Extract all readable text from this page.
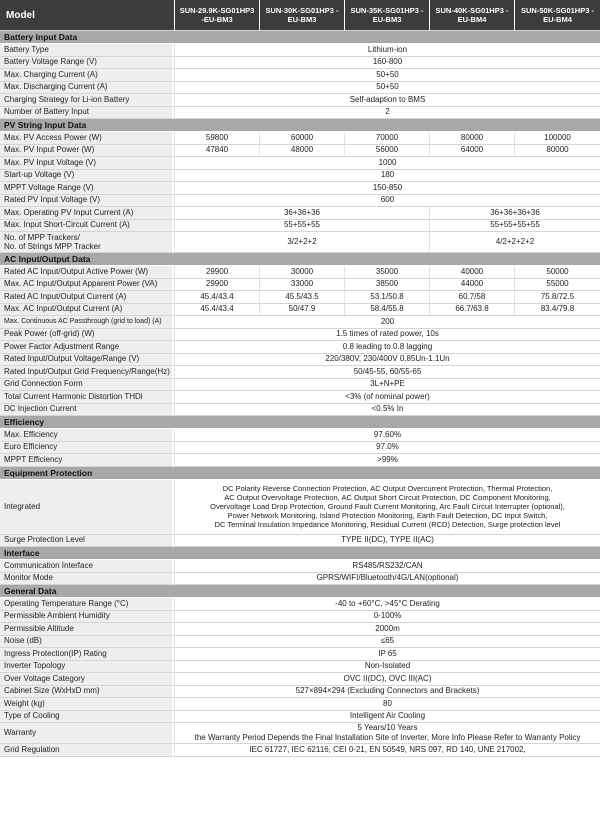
Model	SUN-29.9K-SG01HP3 -EU-BM3	SUN-30K-SG01HP3 -EU-BM3	SUN-35K-SG01HP3 -EU-BM3	SUN-40K-SG01HP3 -EU-BM4	SUN-50K-SG01HP3 -EU-BM4
Battery Input Data					
Battery Type	Lithium-ion				
Battery Voltage Range (V)	160-800				
Max. Charging Current (A)	50+50				
Max. Discharging Current (A)	50+50				
Charging Strategy for Li-ion Battery	Self-adaption to BMS				
Number of Battery Input	2				
PV String Input Data					
Max. PV Access Power (W)	59800	60000	70000	80000	100000
Max. PV Input Power (W)	47840	48000	56000	64000	80000
Max. PV Input Voltage (V)	1000				
Start-up Voltage (V)	180				
MPPT Voltage Range (V)	150-850				
Rated PV Input Voltage (V)	600				
Max. Operating PV Input Current (A)	36+36+36			36+36+36+36	
Max. Input Short-Circuit Current (A)	55+55+55			55+55+55+55	
No. of MPP Trackers/
No. of Strings MPP Tracker	3/2+2+2			4/2+2+2+2	
AC Input/Output Data					
Rated AC Input/Output Active Power (W)	29900	30000	35000	40000	50000
Max. AC Input/Output Apparent Power (VA)	29900	33000	38500	44000	55000
Rated AC Input/Output Current (A)	45.4/43.4	45.5/43.5	53.1/50.8	60.7/58	75.8/72.5
Max. AC Input/Output Current (A)	45.4/43.4	50/47.9	58.4/55.8	66.7/63.8	83.4/79.8
Max. Continuous AC Passthrough (grid to load) (A)	200				
Peak Power (off-grid) (W)	1.5 times of rated power, 10s				
Power Factor Adjustment Range	0.8 leading to 0.8 lagging				
Rated Input/Output Voltage/Range (V)	220/380V, 230/400V 0.85Un-1.1Un				
Rated Input/Output Grid Frequency/Range(Hz)	50/45-55, 60/55-65				
Grid Connection Form	3L+N+PE				
Total Current Harmonic Distortion THDi	<3% (of nominal power)				
DC Injection Current	<0.5% In				
Efficiency					
Max. Efficiency	97.60%				
Euro Efficiency	97.0%				
MPPT Efficiency	>99%				
Equipment Protection					
Integrated	DC Polarity Reverse Connection Protection, AC Output Overcurrent Protection, Thermal Protection,
AC Output Overvoltage Protection, AC Output Short Circuit Protection, DC Component Monitoring,
Overvoltage Load Drop Protection, Ground Fault Current Monitoring, Arc Fault Circuit Interrupter (optional),
Power Network Monitoring, Island Protection Monitoring, Earth Fault Detection, DC Input Switch,
DC Terminal Insulation Impedance Monitoring, Residual Current (RCD) Detection, Surge protection level				
Surge Protection Level	TYPE II(DC), TYPE II(AC)				
Interface					
Communication Interface	RS485/RS232/CAN				
Monitor Mode	GPRS/WIFI/Bluetooth/4G/LAN(optional)				
General Data					
Operating Temperature Range (°C)	-40 to +60°C, >45°C Derating				
Permissible Ambient Humidity	0-100%				
Permissible Altitude	2000m				
Noise (dB)	≤65				
Ingress Protection(IP) Rating	IP 65				
Inverter Topology	Non-Isolated				
Over Voltage Category	OVC II(DC), OVC III(AC)				
Cabinet Size (WxHxD mm)	527×894×294 (Excluding Connectors and Brackets)				
Weight (kg)	80				
Type of Cooling	Intelligent Air Cooling				
Warranty	5 Years/10 Years
the Warranty Period Depends the Final Installation Site of Inverter, More Info Please Refer to Warranty Policy				
Grid Regulation	IEC 61727, IEC 62116, CEI 0-21, EN 50549, NRS 097, RD 140, UNE 217002,				
